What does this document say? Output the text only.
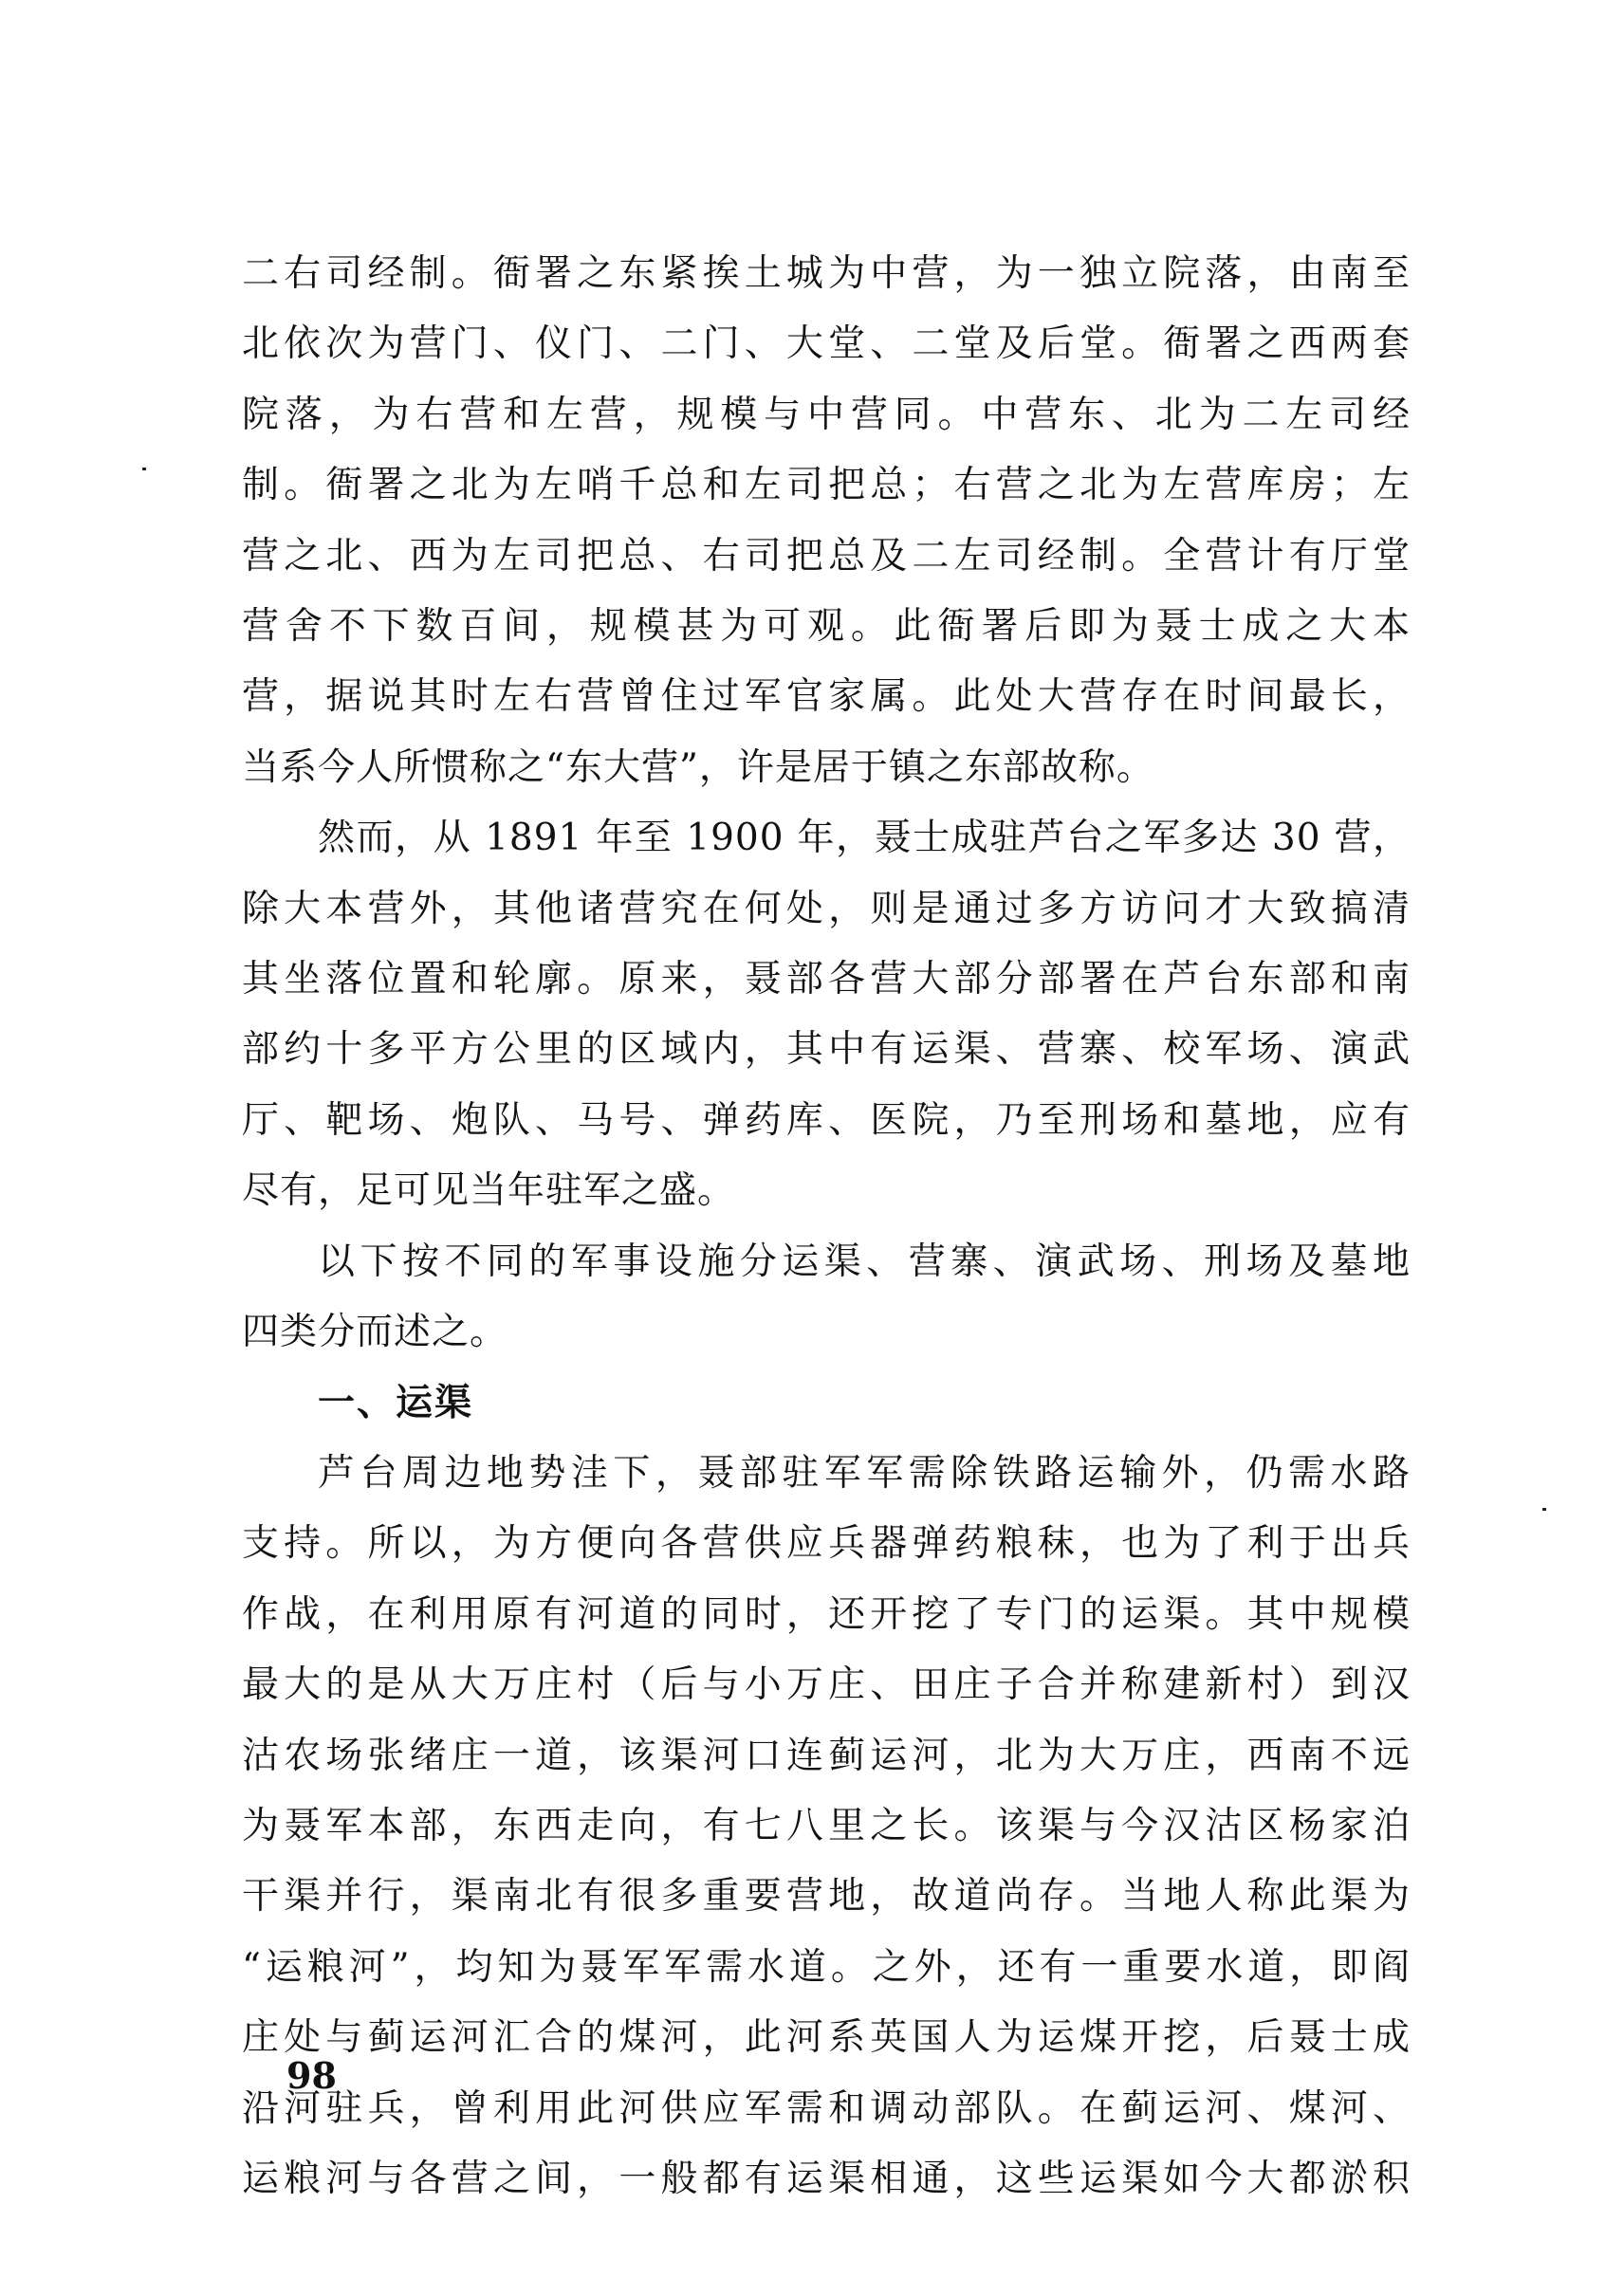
二右司经制。衙署之东紧挨土城为中营，为一独立院落，由南至

北依次为营门、仪门、二门、大堂、二堂及后堂。衙署之西两套

院落，为右营和左营，规模与中营同。中营东、北为二左司经

制。衙署之北为左哨千总和左司把总；右营之北为左营库房；左

营之北、西为左司把总、右司把总及二左司经制。全营计有厅堂

营舍不下数百间，规模甚为可观。此衙署后即为聂士成之大本

营，据说其时左右营曾住过军官家属。此处大营存在时间最长，

当系今人所惯称之“东大营”，许是居于镇之东部故称。

然而，从 1891 年至 1900 年，聂士成驻芦台之军多达 30 营，

除大本营外，其他诸营究在何处，则是通过多方访问才大致搞清

其坐落位置和轮廓。原来，聂部各营大部分部署在芦台东部和南

部约十多平方公里的区域内，其中有运渠、营寨、校军场、演武

厅、靶场、炮队、马号、弹药库、医院，乃至刑场和墓地，应有

尽有，足可见当年驻军之盛。

以下按不同的军事设施分运渠、营寨、演武场、刑场及墓地

四类分而述之。

一、运渠

芦台周边地势洼下，聂部驻军军需除铁路运输外，仍需水路

支持。所以，为方便向各营供应兵器弹药粮秣，也为了利于出兵

作战，在利用原有河道的同时，还开挖了专门的运渠。其中规模

最大的是从大万庄村（后与小万庄、田庄子合并称建新村）到汉

沽农场张绪庄一道，该渠河口连蓟运河，北为大万庄，西南不远

为聂军本部，东西走向，有七八里之长。该渠与今汉沽区杨家泊

干渠并行，渠南北有很多重要营地，故道尚存。当地人称此渠为

“运粮河”，均知为聂军军需水道。之外，还有一重要水道，即阎

庄处与蓟运河汇合的煤河，此河系英国人为运煤开挖，后聂士成

沿河驻兵，曾利用此河供应军需和调动部队。在蓟运河、煤河、

运粮河与各营之间，一般都有运渠相通，这些运渠如今大都淤积

98
